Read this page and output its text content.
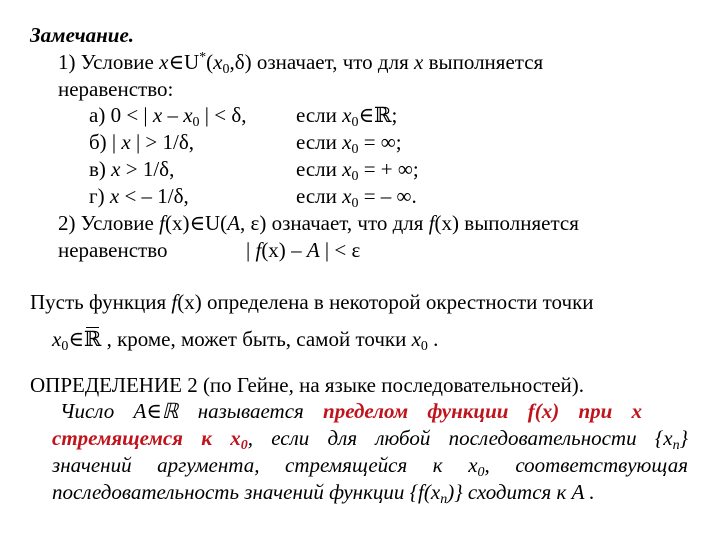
Замечание.
1) Условие $x\in U^*(x_0,\delta)$ означает, что для x выполняется
неравенство:
а) 0 < | x – $x_0$ | < δ, если $x_0\in ℝ$;
б) | x | > 1/δ,	если $x_0$ = ∞;
в) x > 1/δ,	если $x_0$ = + ∞;
г) x < – 1/δ,	если $x_0$ = – ∞.
2) Условие f(x)∈U(A, ε) означает, что для f(x) выполняется
неравенство	| f(x) – A | < ε
Пусть функция f(x) определена в некоторой окрестности точки
$x_0\in ℝ$ , кроме, может быть, самой точки $x_0$ .
ОПРЕДЕЛЕНИЕ 2 (по Гейне, на языке последовательностей).
Число A∈ℝ называется пределом функции f(x) при x
стремящемся к $x_0$, если для любой последовательности $\{x_n\}$
значений аргумента, стремящейся к $x_0$, соответствующая
последовательность значений функции $\{f(x_n)\}$ сходится к A .
